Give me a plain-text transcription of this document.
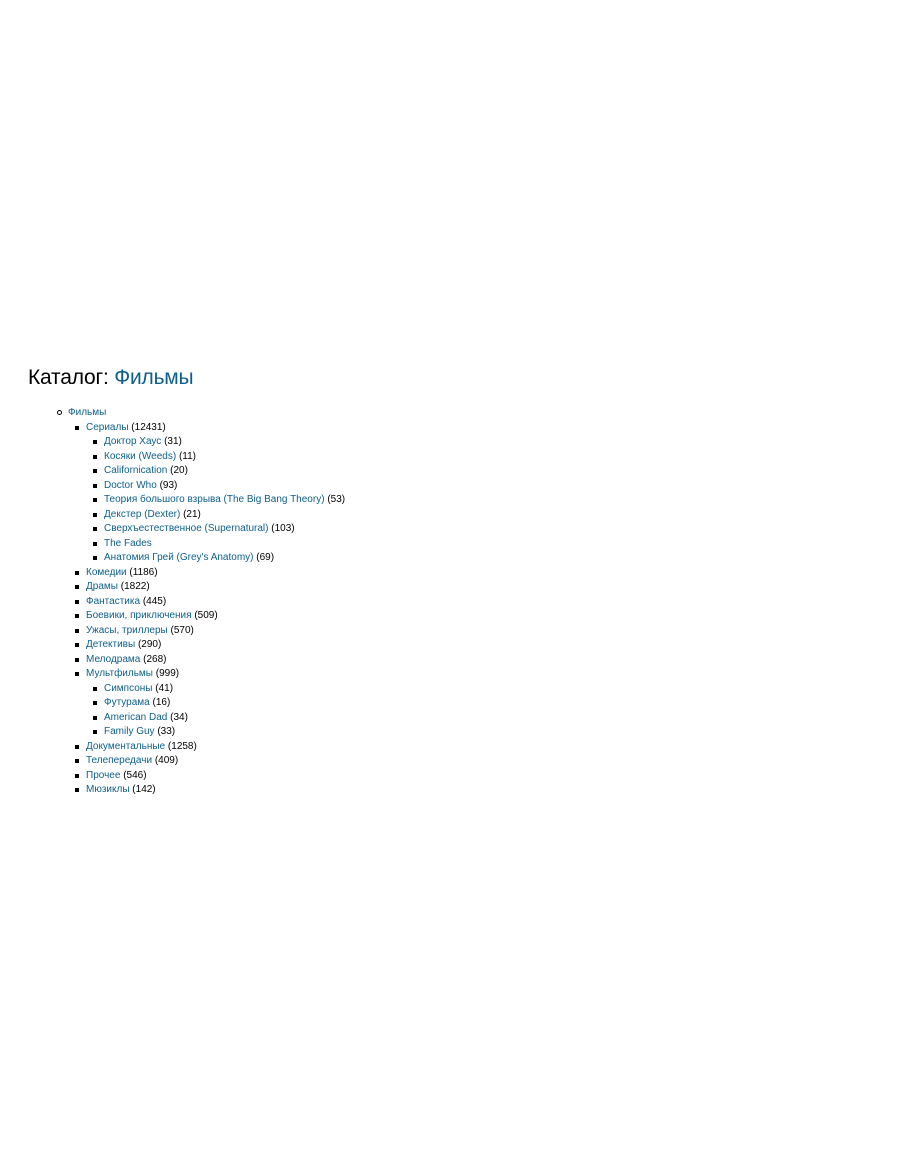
Каталог: Фильмы
Фильмы
Сериалы (12431)
Доктор Хаус (31)
Косяки (Weeds) (11)
Californication (20)
Doctor Who (93)
Теория большого взрыва (The Big Bang Theory) (53)
Декстер (Dexter) (21)
Сверхъестественное (Supernatural) (103)
The Fades
Анатомия Грей (Grey's Anatomy) (69)
Комедии (1186)
Драмы (1822)
Фантастика (445)
Боевики, приключения (509)
Ужасы, триллеры (570)
Детективы (290)
Мелодрама (268)
Мультфильмы (999)
Симпсоны (41)
Футурама (16)
American Dad (34)
Family Guy (33)
Документальные (1258)
Телепередачи (409)
Прочее (546)
Мюзиклы (142)
